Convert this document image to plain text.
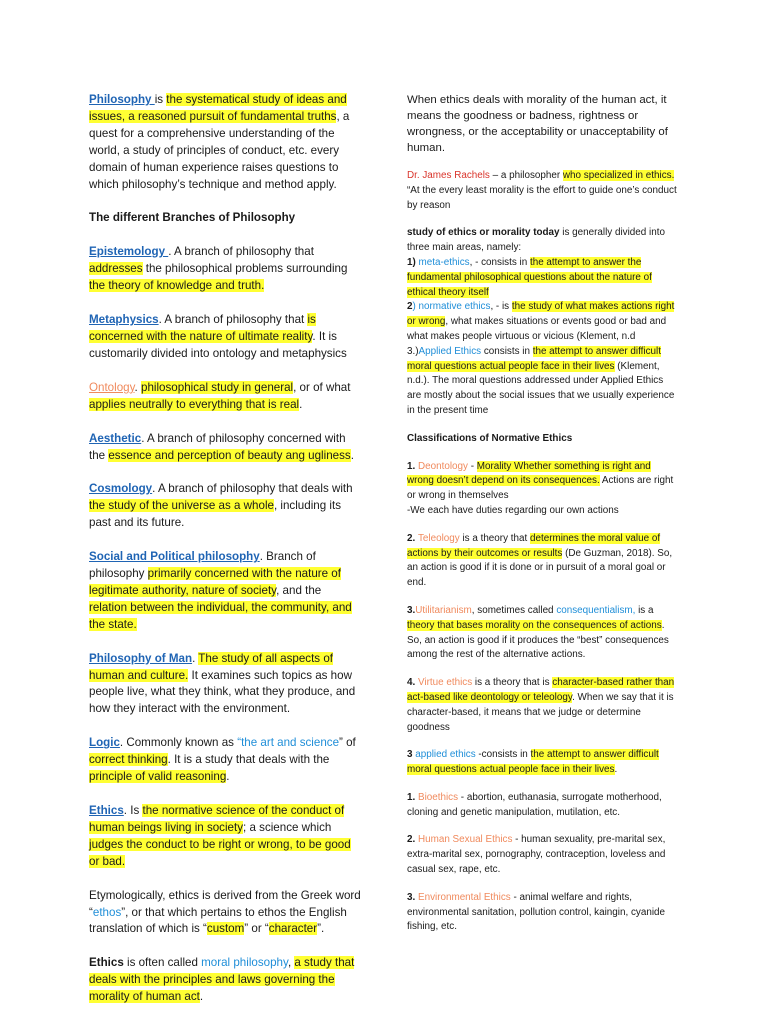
Philosophy is the systematical study of ideas and issues, a reasoned pursuit of fundamental truths, a quest for a comprehensive understanding of the world, a study of principles of conduct, etc. every domain of human experience raises questions to which philosophy’s technique and method apply.

The different Branches of Philosophy

Epistemology . A branch of philosophy that addresses the philosophical problems surrounding the theory of knowledge and truth.

Metaphysics. A branch of philosophy that is concerned with the nature of ultimate reality. It is customarily divided into ontology and metaphysics

Ontology. philosophical study in general, or of what applies neutrally to everything that is real.

Aesthetic. A branch of philosophy concerned with the essence and perception of beauty ang ugliness.

Cosmology. A branch of philosophy that deals with the study of the universe as a whole, including its past and its future.

Social and Political philosophy. Branch of philosophy primarily concerned with the nature of legitimate authority, nature of society, and the relation between the individual, the community, and the state.

Philosophy of Man. The study of all aspects of human and culture. It examines such topics as how people live, what they think, what they produce, and how they interact with the environment.

Logic. Commonly known as “the art and science” of correct thinking. It is a study that deals with the principle of valid reasoning.

Ethics. Is the normative science of the conduct of human beings living in society; a science which judges the conduct to be right or wrong, to be good or bad.

Etymologically, ethics is derived from the Greek word “ethos”, or that which pertains to ethos the English translation of which is “custom” or “character”.

Ethics is often called moral philosophy, a study that deals with the principles and laws governing the morality of human act.

When ethics deals with morality of the human act, it means the goodness or badness, rightness or wrongness, or the acceptability or unacceptability of human.

Dr. James Rachels – a philosopher who specialized in ethics. “At the every least morality is the effort to guide one’s conduct by reason

study of ethics or morality today is generally divided into three main areas, namely:
1) meta-ethics, - consists in the attempt to answer the fundamental philosophical questions about the nature of ethical theory itself
2) normative ethics, - is the study of what makes actions right or wrong, what makes situations or events good or bad and what makes people virtuous or vicious (Klement, n.d
3.)Applied Ethics consists in the attempt to answer difficult moral questions actual people face in their lives (Klement, n.d.). The moral questions addressed under Applied Ethics are mostly about the social issues that we usually experience in the present time

Classifications of Normative Ethics

1. Deontology - Morality Whether something is right and wrong doesn’t depend on its consequences. Actions are right or wrong in themselves
-We each have duties regarding our own actions

2. Teleology is a theory that determines the moral value of actions by their outcomes or results (De Guzman, 2018). So, an action is good if it is done or in pursuit of a moral goal or end.

3.Utilitarianism, sometimes called consequentialism, is a theory that bases morality on the consequences of actions. So, an action is good if it produces the “best” consequences among the rest of the alternative actions.

4. Virtue ethics is a theory that is character-based rather than act-based like deontology or teleology. When we say that it is character-based, it means that we judge or determine goodness

3 applied ethics -consists in the attempt to answer difficult moral questions actual people face in their lives.

1. Bioethics - abortion, euthanasia, surrogate motherhood, cloning and genetic manipulation, mutilation, etc.

2. Human Sexual Ethics - human sexuality, pre-marital sex, extra-marital sex, pornography, contraception, loveless and casual sex, rape, etc.

3. Environmental Ethics - animal welfare and rights, environmental sanitation, pollution control, kaingin, cyanide fishing, etc.
